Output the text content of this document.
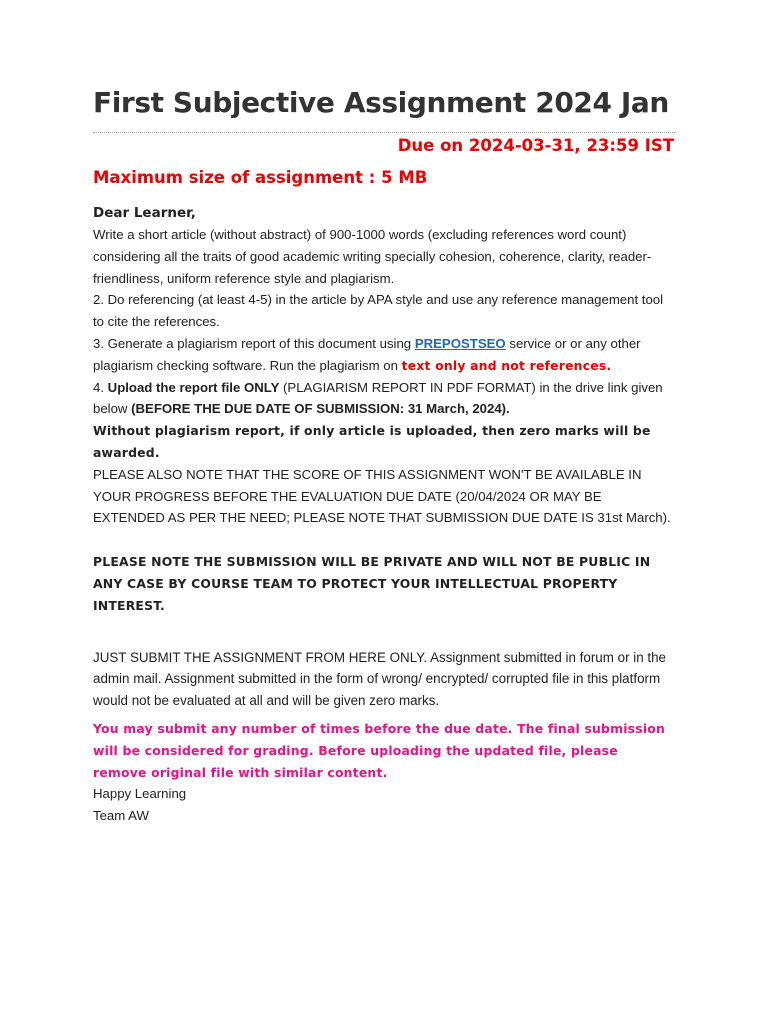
First Subjective Assignment 2024 Jan
Due on 2024-03-31, 23:59 IST
Maximum size of assignment : 5 MB

Dear Learner,

Write a short article (without abstract) of 900-1000 words (excluding references word count) considering all the traits of good academic writing specially cohesion, coherence, clarity, reader-friendliness, uniform reference style and plagiarism.

2. Do referencing (at least 4-5) in the article by APA style and use any reference management tool to cite the references.

3. Generate a plagiarism report of this document using PREPOSTSEO service or or any other plagiarism checking software. Run the plagiarism on text only and not references.

4. Upload the report file ONLY (PLAGIARISM REPORT IN PDF FORMAT) in the drive link given below (BEFORE THE DUE DATE OF SUBMISSION: 31 March, 2024).

Without plagiarism report, if only article is uploaded, then zero marks will be awarded.

PLEASE ALSO NOTE THAT THE SCORE OF THIS ASSIGNMENT WON'T BE AVAILABLE IN YOUR PROGRESS BEFORE THE EVALUATION DUE DATE (20/04/2024 OR MAY BE EXTENDED AS PER THE NEED; PLEASE NOTE THAT SUBMISSION DUE DATE IS 31st March).

PLEASE NOTE THE SUBMISSION WILL BE PRIVATE AND WILL NOT BE PUBLIC IN ANY CASE BY COURSE TEAM TO PROTECT YOUR INTELLECTUAL PROPERTY INTEREST.

JUST SUBMIT THE ASSIGNMENT FROM HERE ONLY. Assignment submitted in forum or in the admin mail. Assignment submitted in the form of wrong/ encrypted/ corrupted file in this platform would not be evaluated at all and will be given zero marks.

You may submit any number of times before the due date. The final submission will be considered for grading. Before uploading the updated file, please remove original file with similar content.

Happy Learning

Team AW
